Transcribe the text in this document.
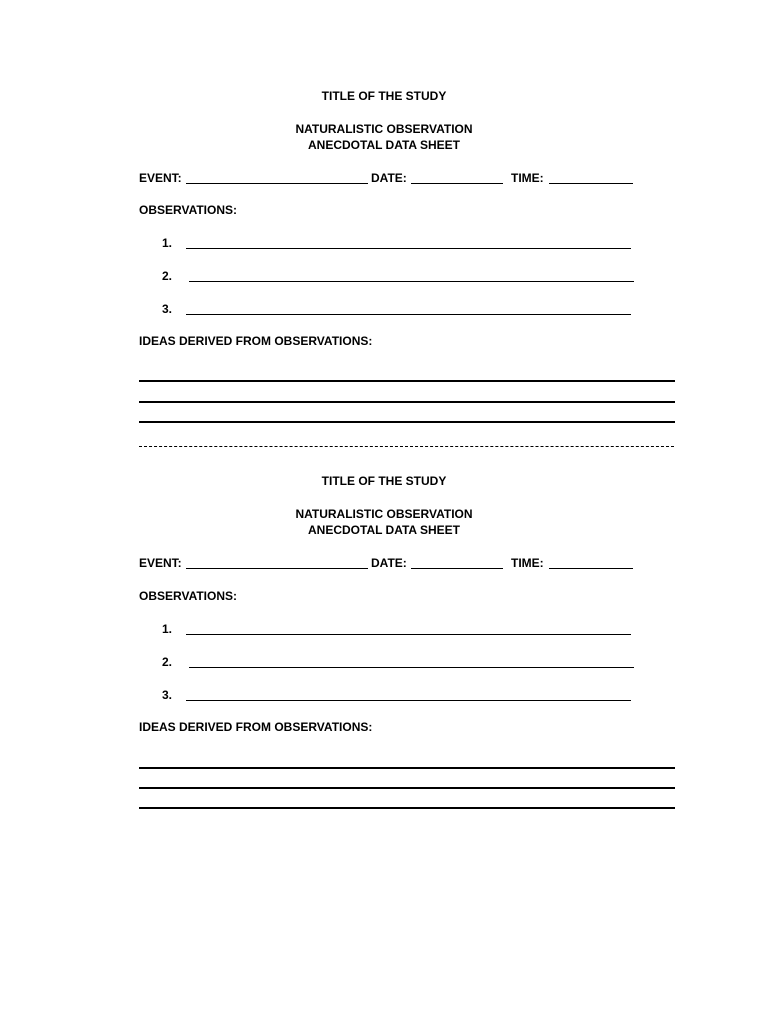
TITLE OF THE STUDY
NATURALISTIC OBSERVATION
ANECDOTAL DATA SHEET
EVENT:	DATE:	TIME:
OBSERVATIONS:
1.
2.
3.
IDEAS DERIVED FROM OBSERVATIONS:
TITLE OF THE STUDY
NATURALISTIC OBSERVATION
ANECDOTAL DATA SHEET
EVENT:	DATE:	TIME:
OBSERVATIONS:
1.
2.
3.
IDEAS DERIVED FROM OBSERVATIONS:
